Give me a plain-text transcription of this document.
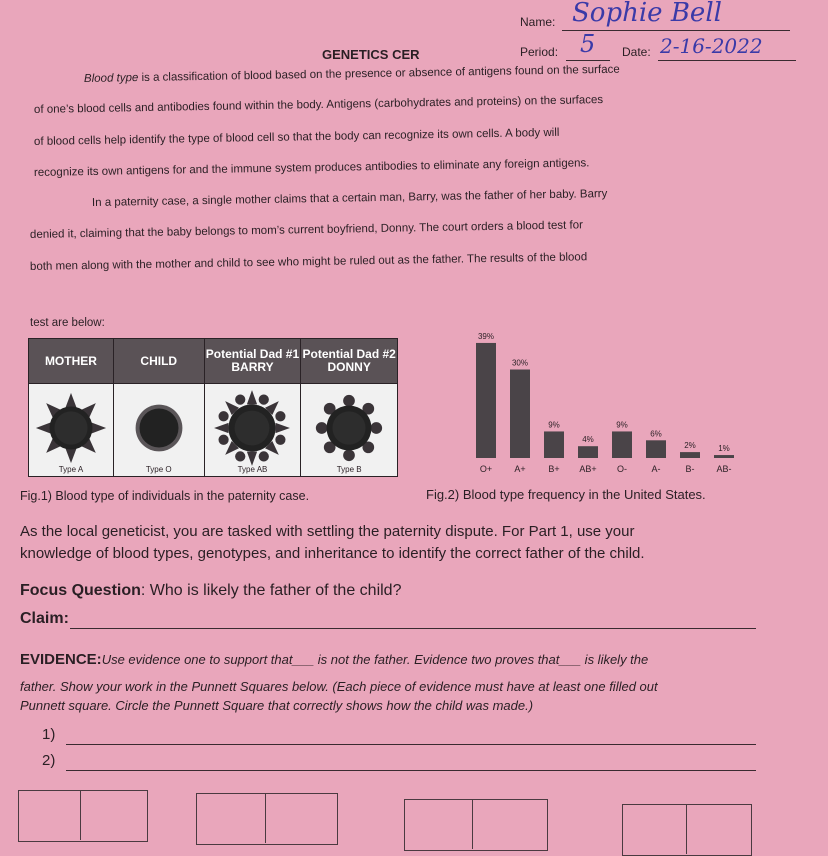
Name: Sophie Bell
GENETICS CER	Period: 5 Date: 2-16-2022
Blood type is a classification of blood based on the presence or absence of antigens found on the surface
of one’s blood cells and antibodies found within the body. Antigens (carbohydrates and proteins) on the surfaces
of blood cells help identify the type of blood cell so that the body can recognize its own cells. A body will
recognize its own antigens for and the immune system produces antibodies to eliminate any foreign antigens.
In a paternity case, a single mother claims that a certain man, Barry, was the father of her baby. Barry
denied it, claiming that the baby belongs to mom’s current boyfriend, Donny. The court orders a blood test for
both men along with the mother and child to see who might be ruled out as the father. The results of the blood
test are below:
MOTHER	CHILD	Potential Dad #1 BARRY	Potential Dad #2 DONNY

Type A	Type O	Type AB	Type B
39%
O+
30%
A+
9%
B+
4%
AB+
9%
O-
6%
A-
2%
B-
1%
AB-
Fig.1) Blood type of individuals in the paternity case.	Fig.2) Blood type frequency in the United States.
As the local geneticist, you are tasked with settling the paternity dispute. For Part 1, use your
knowledge of blood types, genotypes, and inheritance to identify the correct father of the child.
Focus Question: Who is likely the father of the child?
Claim:
EVIDENCE:Use evidence one to support that___ is not the father. Evidence two proves that___ is likely the
father. Show your work in the Punnett Squares below. (Each piece of evidence must have at least one filled out
Punnett square. Circle the Punnett Square that correctly shows how the child was made.)
1)
2)
